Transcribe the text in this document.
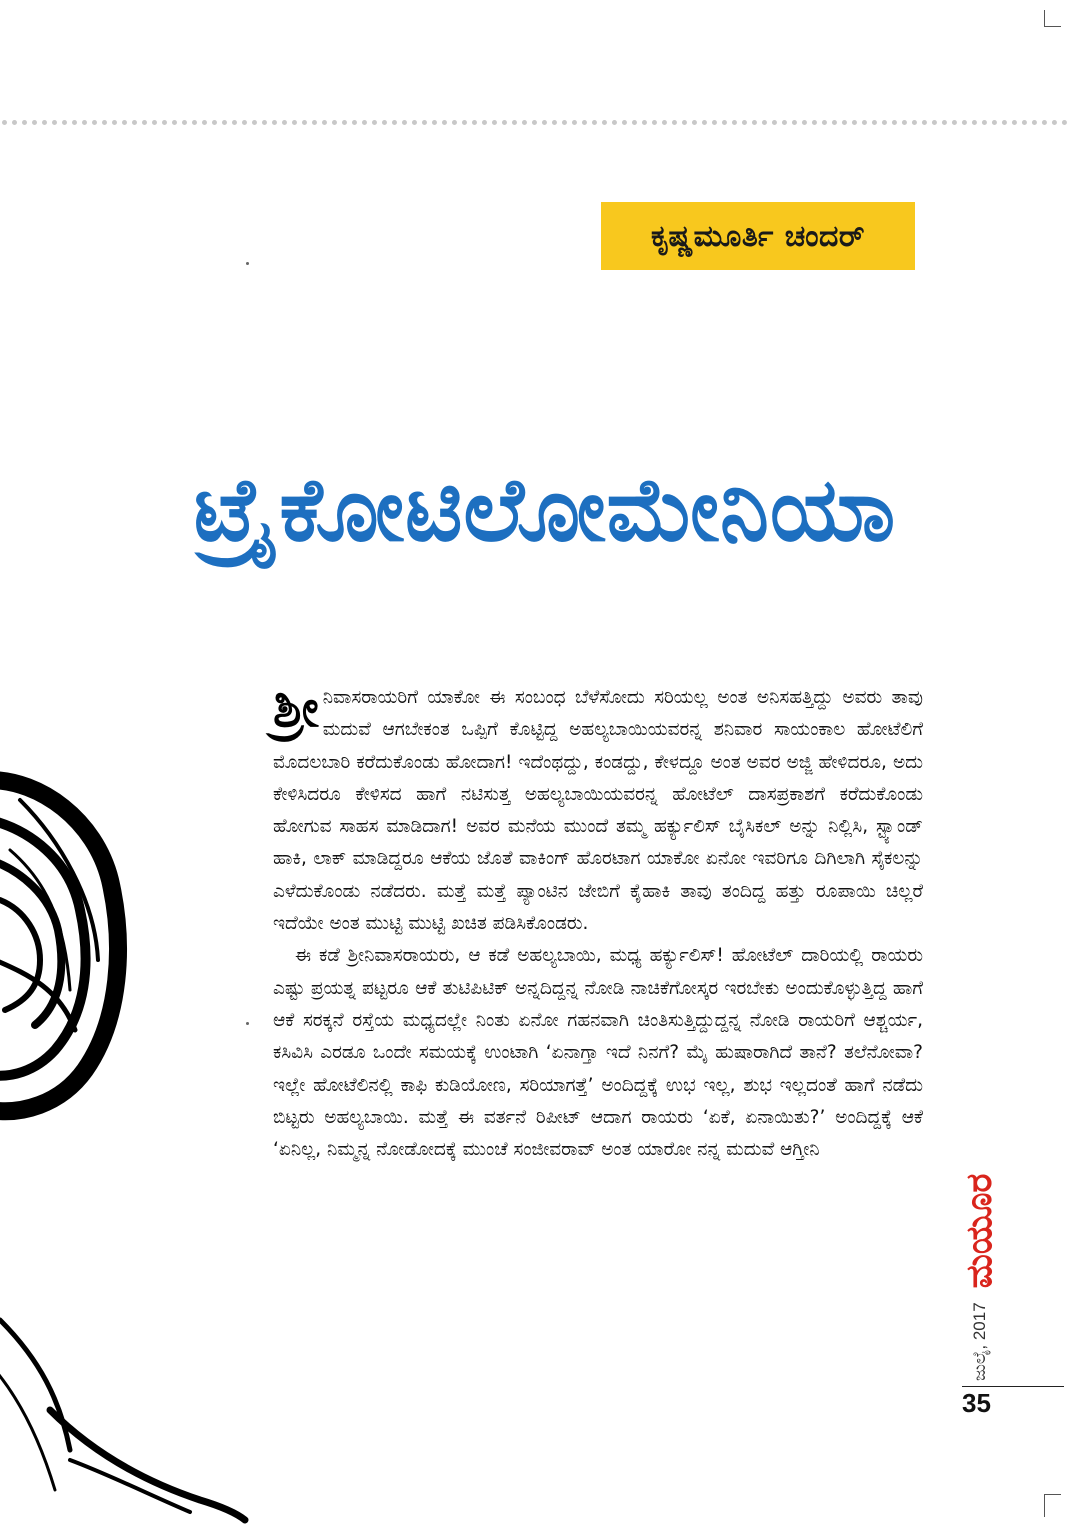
ಕೃಷ್ಣಮೂರ್ತಿ ಚಂದರ್
ಟ್ರೈಕೋಟಿಲೋಮೇನಿಯಾ

ಶ್ರೀ ನಿವಾಸರಾಯರಿಗೆ ಯಾಕೋ ಈ ಸಂಬಂಧ ಬೆಳೆಸೋದು ಸರಿಯಲ್ಲ ಅಂತ ಅನಿಸಹತ್ತಿದ್ದು ಅವರು ತಾವು ಮದುವೆ ಆಗಬೇಕಂತ ಒಪ್ಪಿಗೆ ಕೊಟ್ಟಿದ್ದ ಅಹಲ್ಯಬಾಯಿಯವರನ್ನ ಶನಿವಾರ ಸಾಯಂಕಾಲ ಹೋಟೆಲಿಗೆ ಮೊದಲಬಾರಿ ಕರೆದುಕೊಂಡು ಹೋದಾಗ! ಇದೆಂಥದ್ದು, ಕಂಡದ್ದು, ಕೇಳದ್ದೂ ಅಂತ ಅವರ ಅಜ್ಜಿ ಹೇಳಿದರೂ, ಅದು ಕೇಳಿಸಿದರೂ ಕೇಳಿಸದ ಹಾಗೆ ನಟಿಸುತ್ತ ಅಹಲ್ಯಬಾಯಿಯವರನ್ನ ಹೋಟೆಲ್ ದಾಸಪ್ರಕಾಶಗೆ ಕರೆದುಕೊಂಡು ಹೋಗುವ ಸಾಹಸ ಮಾಡಿದಾಗ! ಅವರ ಮನೆಯ ಮುಂದೆ ತಮ್ಮ ಹರ್ಕ್ಯುಲಿಸ್ ಬೈಸಿಕಲ್ ಅನ್ನು ನಿಲ್ಲಿಸಿ, ಸ್ಟ್ಯಾಂಡ್ ಹಾಕಿ, ಲಾಕ್ ಮಾಡಿದ್ದರೂ ಆಕೆಯ ಜೊತೆ ವಾಕಿಂಗ್ ಹೊರಟಾಗ ಯಾಕೋ ಏನೋ ಇವರಿಗೂ ದಿಗಿಲಾಗಿ ಸೈಕಲನ್ನು ಎಳೆದುಕೊಂಡು ನಡೆದರು. ಮತ್ತೆ ಮತ್ತೆ ಪ್ಯಾಂಟಿನ ಜೇಬಿಗೆ ಕೈಹಾಕಿ ತಾವು ತಂದಿದ್ದ ಹತ್ತು ರೂಪಾಯಿ ಚಿಲ್ಲರೆ ಇದೆಯೇ ಅಂತ ಮುಟ್ಟಿ ಮುಟ್ಟಿ ಖಚಿತ ಪಡಿಸಿಕೊಂಡರು.

ಈ ಕಡೆ ಶ್ರೀನಿವಾಸರಾಯರು, ಆ ಕಡೆ ಅಹಲ್ಯಬಾಯಿ, ಮಧ್ಯ ಹರ್ಕ್ಯುಲಿಸ್! ಹೋಟೆಲ್ ದಾರಿಯಲ್ಲಿ ರಾಯರು ಎಷ್ಟು ಪ್ರಯತ್ನ ಪಟ್ಟರೂ ಆಕೆ ತುಟಿಪಿಟಿಕ್ ಅನ್ನದಿದ್ದನ್ನ ನೋಡಿ ನಾಚಿಕೆಗೋಸ್ಕರ ಇರಬೇಕು ಅಂದುಕೊಳ್ಳುತ್ತಿದ್ದ ಹಾಗೆ ಆಕೆ ಸರಕ್ಕನೆ ರಸ್ತೆಯ ಮಧ್ಯದಲ್ಲೇ ನಿಂತು ಏನೋ ಗಹನವಾಗಿ ಚಿಂತಿಸುತ್ತಿದ್ದುದ್ದನ್ನ ನೋಡಿ ರಾಯರಿಗೆ ಆಶ್ಚರ್ಯ, ಕಸಿವಿಸಿ ಎರಡೂ ಒಂದೇ ಸಮಯಕ್ಕೆ ಉಂಟಾಗಿ ‘ಏನಾಗ್ತಾ ಇದೆ ನಿನಗೆ? ಮೈ ಹುಷಾರಾಗಿದೆ ತಾನೆ? ತಲೆನೋವಾ? ಇಲ್ಲೇ ಹೋಟೆಲಿನಲ್ಲಿ ಕಾಫಿ ಕುಡಿಯೋಣ, ಸರಿಯಾಗತ್ತೆ’ ಅಂದಿದ್ದಕ್ಕೆ ಉಭ ಇಲ್ಲ, ಶುಭ ಇಲ್ಲದಂತೆ ಹಾಗೆ ನಡೆದು ಬಿಟ್ಟರು ಅಹಲ್ಯಬಾಯಿ. ಮತ್ತೆ ಈ ವರ್ತನೆ ರಿಪೀಟ್ ಆದಾಗ ರಾಯರು ‘ಏಕೆ, ಏನಾಯಿತು?’ ಅಂದಿದ್ದಕ್ಕೆ ಆಕೆ ‘ಏನಿಲ್ಲ, ನಿಮ್ಮನ್ನ ನೋಡೋದಕ್ಕೆ ಮುಂಚೆ ಸಂಜೀವರಾವ್ ಅಂತ ಯಾರೋ ನನ್ನ ಮದುವೆ ಆಗ್ತೀನಿ

ಮಯೂರ
ಜುಲೈ, 2017
35
